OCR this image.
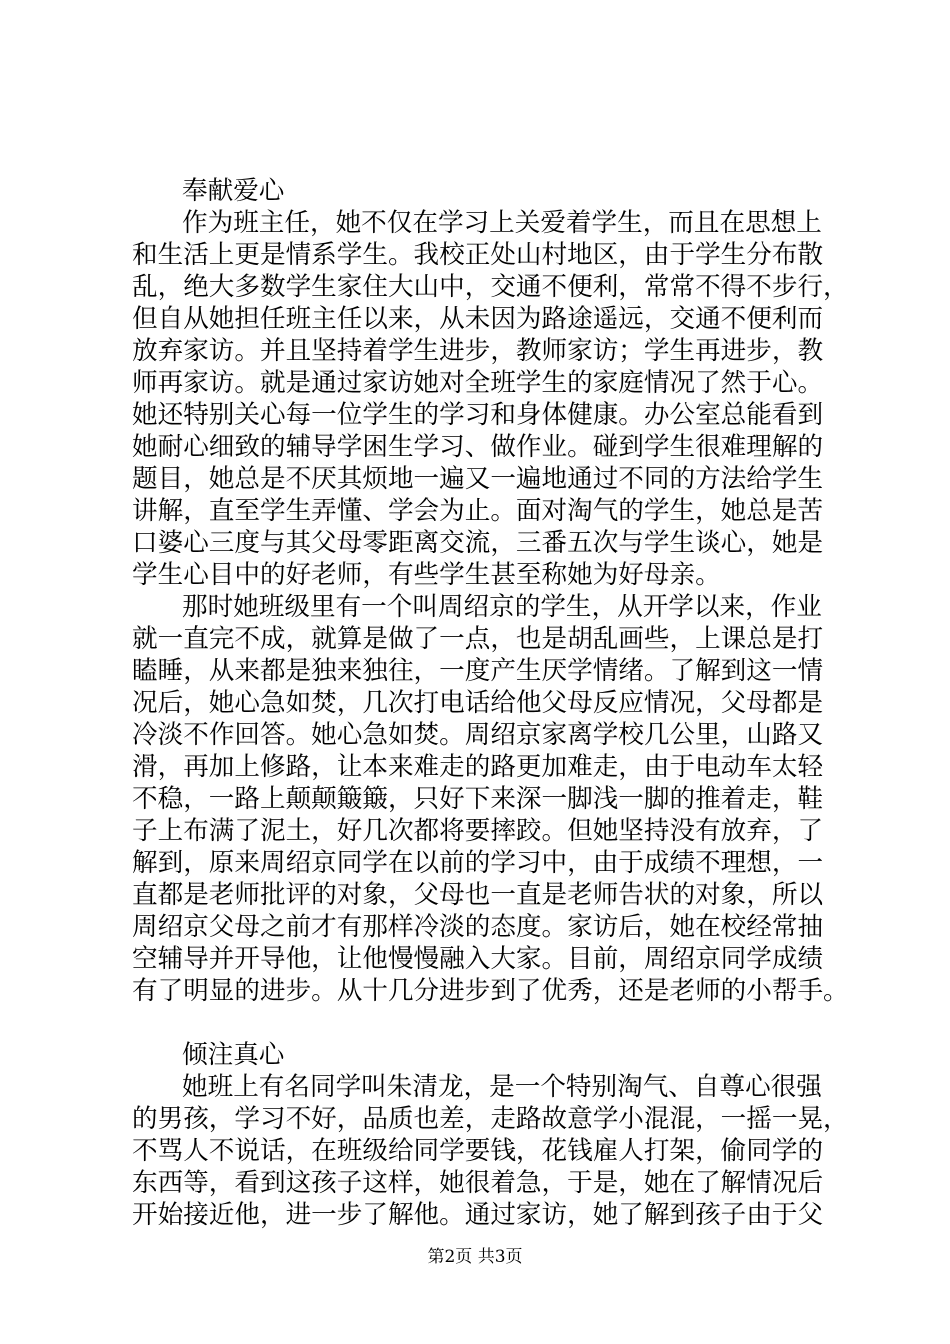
奉献爱心
作为班主任，她不仅在学习上关爱着学生，而且在思想上
和生活上更是情系学生。我校正处山村地区，由于学生分布散
乱，绝大多数学生家住大山中，交通不便利，常常不得不步行，
但自从她担任班主任以来，从未因为路途遥远，交通不便利而
放弃家访。并且坚持着学生进步，教师家访；学生再进步，教
师再家访。就是通过家访她对全班学生的家庭情况了然于心。
她还特别关心每一位学生的学习和身体健康。办公室总能看到
她耐心细致的辅导学困生学习、做作业。碰到学生很难理解的
题目，她总是不厌其烦地一遍又一遍地通过不同的方法给学生
讲解，直至学生弄懂、学会为止。面对淘气的学生，她总是苦
口婆心三度与其父母零距离交流，三番五次与学生谈心，她是
学生心目中的好老师，有些学生甚至称她为好母亲。
那时她班级里有一个叫周绍京的学生，从开学以来，作业
就一直完不成，就算是做了一点，也是胡乱画些，上课总是打
瞌睡，从来都是独来独往，一度产生厌学情绪。了解到这一情
况后，她心急如焚，几次打电话给他父母反应情况，父母都是
冷淡不作回答。她心急如焚。周绍京家离学校几公里，山路又
滑，再加上修路，让本来难走的路更加难走，由于电动车太轻
不稳，一路上颠颠簸簸，只好下来深一脚浅一脚的推着走，鞋
子上布满了泥土，好几次都将要摔跤。但她坚持没有放弃，了
解到，原来周绍京同学在以前的学习中，由于成绩不理想，一
直都是老师批评的对象，父母也一直是老师告状的对象，所以
周绍京父母之前才有那样冷淡的态度。家访后，她在校经常抽
空辅导并开导他，让他慢慢融入大家。目前，周绍京同学成绩
有了明显的进步。从十几分进步到了优秀，还是老师的小帮手。
倾注真心
她班上有名同学叫朱清龙，是一个特别淘气、自尊心很强
的男孩，学习不好，品质也差，走路故意学小混混，一摇一晃，
不骂人不说话，在班级给同学要钱，花钱雇人打架，偷同学的
东西等，看到这孩子这样，她很着急，于是，她在了解情况后
开始接近他，进一步了解他。通过家访，她了解到孩子由于父
第2页 共3页
